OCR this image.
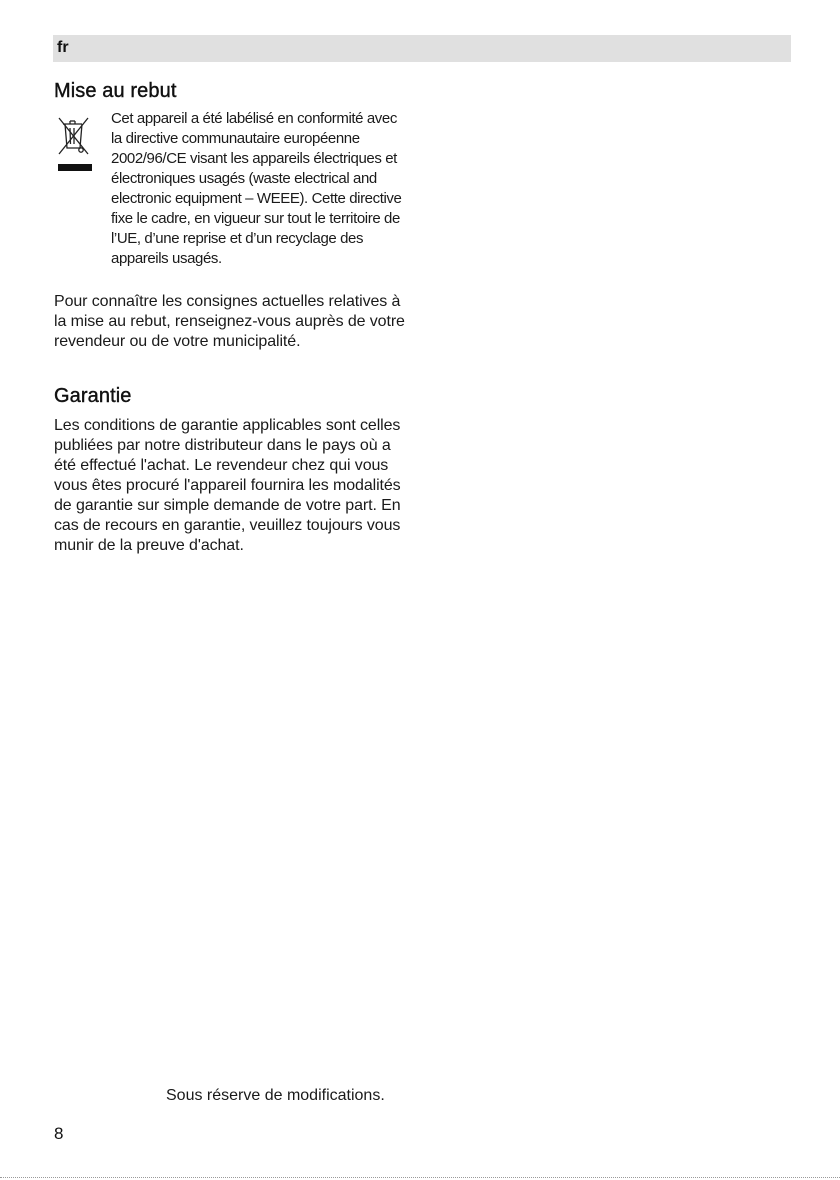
fr
Mise au rebut
Cet appareil a été labélisé en conformité avec la directive communautaire européenne 2002/96/CE visant les appareils électriques et électroniques usagés (waste electrical and electronic equipment – WEEE). Cette directive fixe le cadre, en vigueur sur tout le territoire de l’UE, d’une reprise et d’un recyclage des appareils usagés.

Pour connaître les consignes actuelles relatives à la mise au rebut, renseignez-vous auprès de votre revendeur ou de votre municipalité.

Garantie

Les conditions de garantie applicables sont celles publiées par notre distributeur dans le pays où a été effectué l'achat. Le revendeur chez qui vous vous êtes procuré l'appareil fournira les modalités de garantie sur simple demande de votre part. En cas de recours en garantie, veuillez toujours vous munir de la preuve d'achat.

Sous réserve de modifications.
8
